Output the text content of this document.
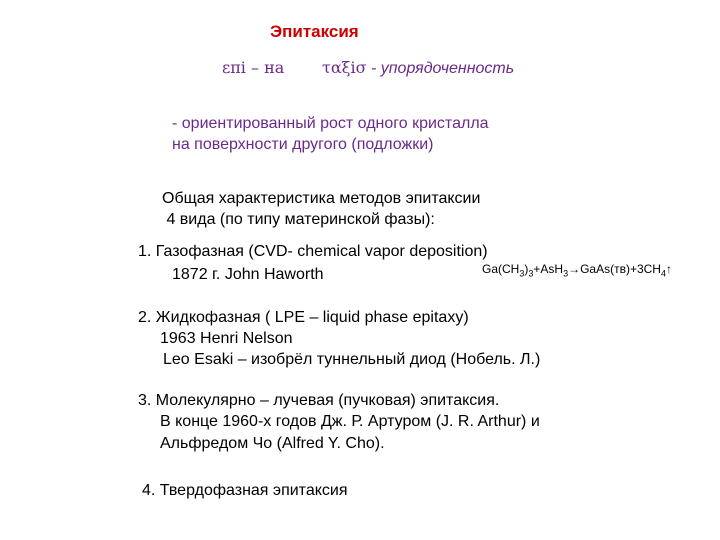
Эпитаксия
επi – на ταξiσ - упорядоченность
- ориентированный рост одного кристалла
на поверхности другого (подложки)
Общая характеристика методов эпитаксии
4 вида (по типу материнской фазы):
1. Газофазная (CVD- chemical vapor deposition)
1872 г. John Haworth	$Ga(CH_3)_3+AsH_3\to GaAs(тв)+3CH_4↑$
2. Жидкофазная ( LPE – liquid phase epitaxy)
1963 Henri Nelson
Leo Esaki – изобрёл туннельный диод (Нобель. Л.)
3. Молекулярно – лучевая (пучковая) эпитаксия.
В конце 1960-х годов Дж. Р. Артуром (J. R. Arthur) и
Альфредом Чо (Alfred Y. Cho).
4. Твердофазная эпитаксия
